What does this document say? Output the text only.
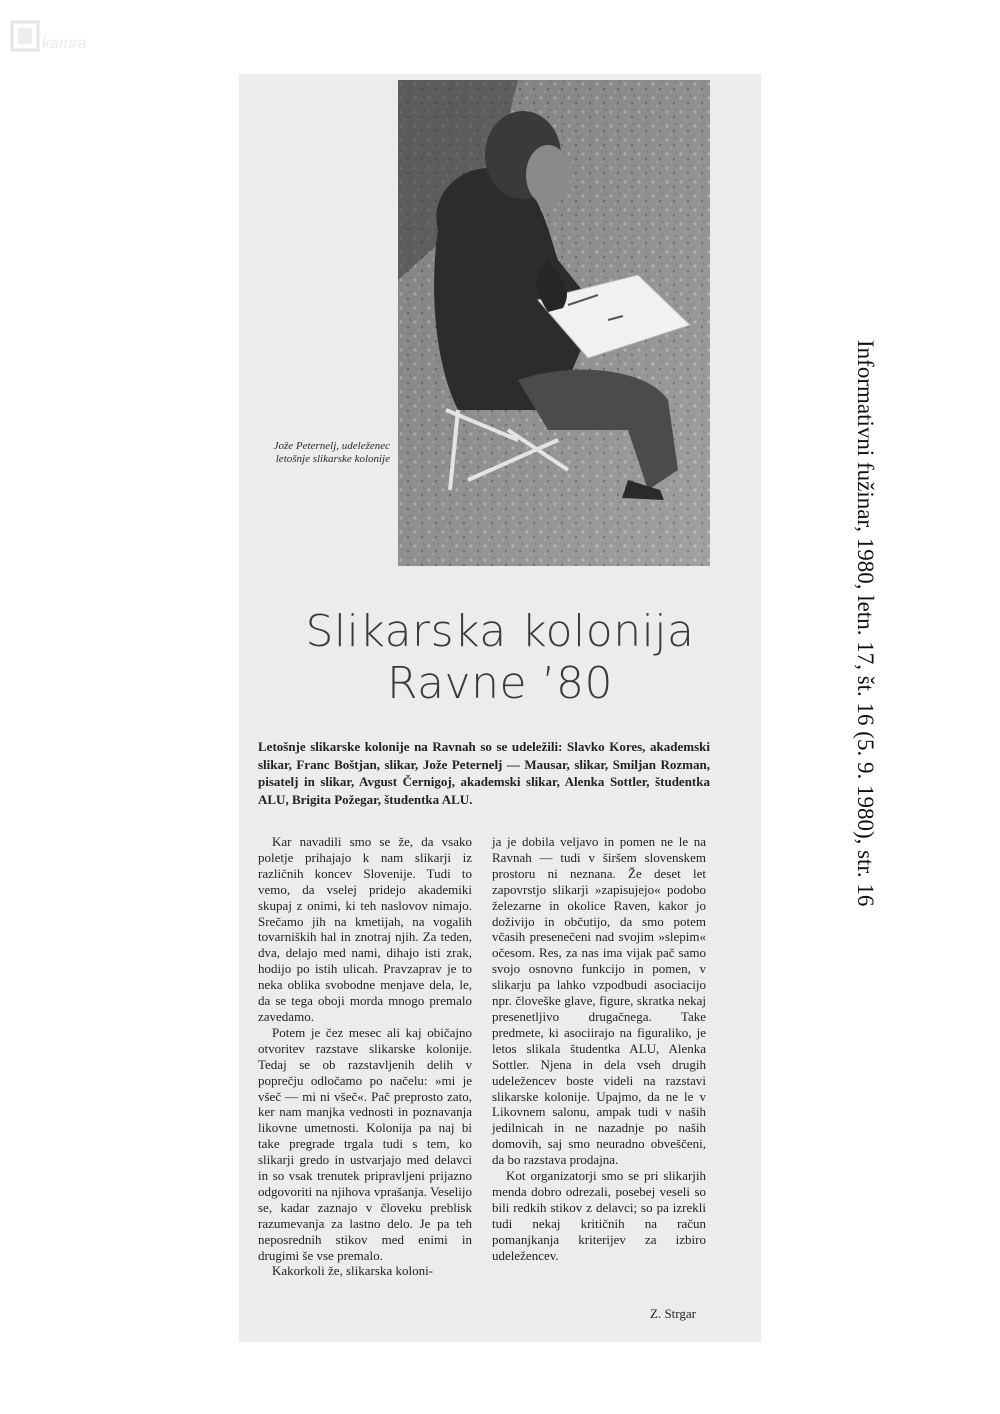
kamra
Jože Peternelj, udeleženec letošnje slikarske kolonije
Slikarska kolonija
Ravne ’80
Letošnje slikarske kolonije na Ravnah so se udeležili: Slavko Kores, akademski slikar, Franc Boštjan, slikar, Jože Peternelj — Mausar, slikar, Smiljan Rozman, pisatelj in slikar, Avgust Černigoj, akademski slikar, Alenka Sottler, študentka ALU, Brigita Požegar, študentka ALU.

Kar navadili smo se že, da vsako poletje prihajajo k nam slikarji iz različnih koncev Slovenije. Tudi to vemo, da vselej pridejo akademiki skupaj z onimi, ki teh naslovov nimajo. Srečamo jih na kmetijah, na vogalih tovarniških hal in znotraj njih. Za teden, dva, delajo med nami, dihajo isti zrak, hodijo po istih ulicah. Pravzaprav je to neka oblika svobodne menjave dela, le, da se tega oboji morda mnogo premalo zavedamo.

Potem je čez mesec ali kaj običajno otvoritev razstave slikarske kolonije. Tedaj se ob razstavljenih delih v poprečju odločamo po načelu: »mi je všeč — mi ni všeč«. Pač preprosto zato, ker nam manjka vednosti in poznavanja likovne umetnosti. Kolonija pa naj bi take pregrade trgala tudi s tem, ko slikarji gredo in ustvarjajo med delavci in so vsak trenutek pripravljeni prijazno odgovoriti na njihova vprašanja. Veselijo se, kadar zaznajo v človeku preblisk razumevanja za lastno delo. Je pa teh neposrednih stikov med enimi in drugimi še vse premalo.

Kakorkoli že, slikarska koloni-

ja je dobila veljavo in pomen ne le na Ravnah — tudi v širšem slovenskem prostoru ni neznana. Že deset let zapovrstjo slikarji »zapisujejo« podobo železarne in okolice Raven, kakor jo doživijo in občutijo, da smo potem včasih presenečeni nad svojim »slepim« očesom. Res, za nas ima vijak pač samo svojo osnovno funkcijo in pomen, v slikarju pa lahko vzpodbudi asociacijo npr. človeške glave, figure, skratka nekaj presenetljivo drugačnega. Take predmete, ki asociirajo na figuraliko, je letos slikala študentka ALU, Alenka Sottler. Njena in dela vseh drugih udeležencev boste videli na razstavi slikarske kolonije. Upajmo, da ne le v Likovnem salonu, ampak tudi v naših jedilnicah in ne nazadnje po naših domovih, saj smo neuradno obveščeni, da bo razstava prodajna.

Kot organizatorji smo se pri slikarjih menda dobro odrezali, posebej veseli so bili redkih stikov z delavci; so pa izrekli tudi nekaj kritičnih na račun pomanjkanja kriterijev za izbiro udeležencev.

Z. Strgar
Informativni fužinar, 1980, letn. 17, št. 16 (5. 9. 1980), str. 16
